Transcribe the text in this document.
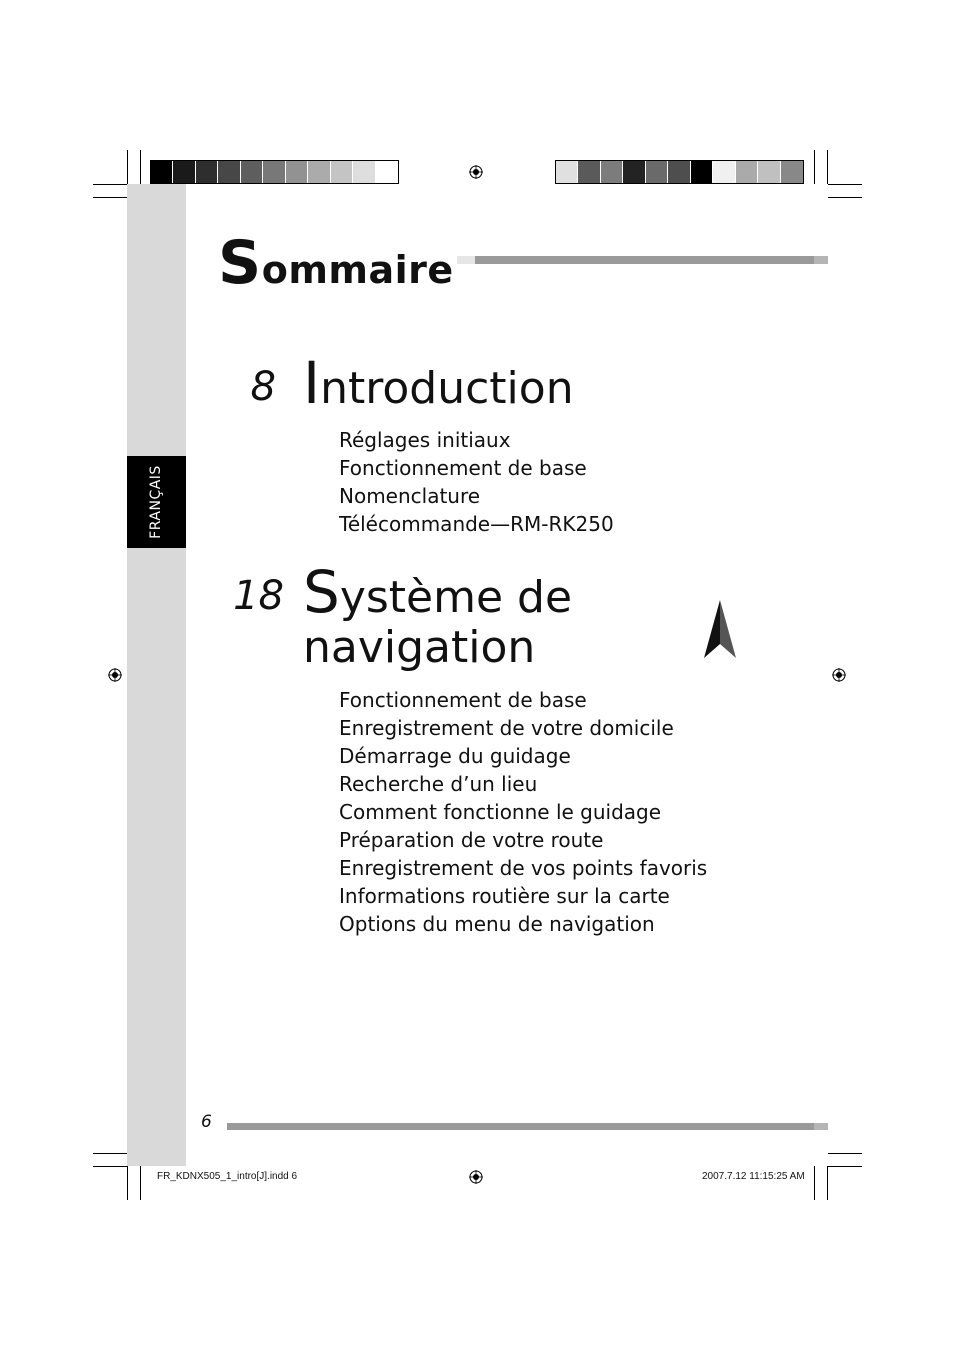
FRANÇAIS
Sommaire
8 Introduction
Réglages initiaux
Fonctionnement de base
Nomenclature
Télécommande—RM-RK250
18 Système de
navigation
Fonctionnement de base
Enregistrement de votre domicile
Démarrage du guidage
Recherche d’un lieu
Comment fonctionne le guidage
Préparation de votre route
Enregistrement de vos points favoris
Informations routière sur la carte
Options du menu de navigation
6
FR_KDNX505_1_intro[J].indd 6	2007.7.12 11:15:25 AM
